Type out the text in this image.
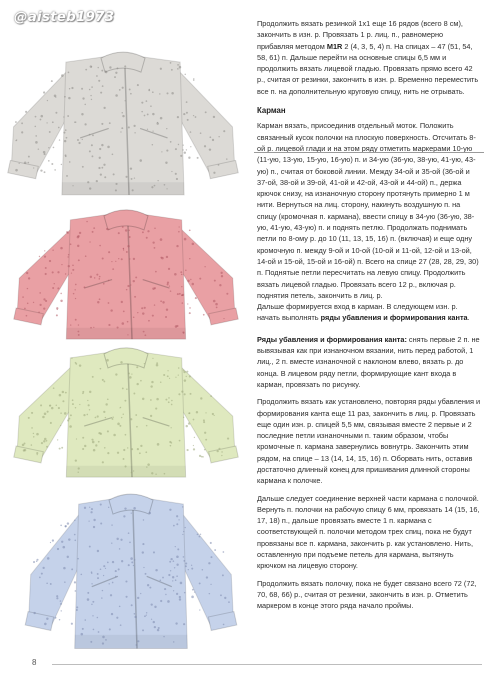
@aisteb1973	Продолжить вязать резинкой 1х1 еще 16 рядов (всего 8 см), закончить в изн. р. Провязать 1 р. лиц. п., равномерно прибавляя методом M1R 2 (4, 3, 5, 4) п. На спицах – 47 (51, 54, 58, 61) п. Дальше перейти на основные спицы 6,5 мм и продолжить вязать лицевой гладью. Провязать прямо всего 42 р., считая от резинки, закончить в изн. р. Временно переместить все п. на дополнительную круговую спицу, нить не отрывать.

Карман

Карман вязать, присоединив отдельный моток. Положить связанный кусок полочки на плоскую поверхность. Отсчитать 8-ой р. лицевой глади и на этом ряду отметить маркерами 10-ую (11-ую, 13-ую, 15-ую, 16-ую) п. и 34-ую (36-ую, 38-ую, 41-ую, 43-ую) п., считая от боковой линии. Между 34-ой и 35-ой (36-ой и 37-ой, 38-ой и 39-ой, 41-ой и 42-ой, 43-ой и 44-ой) п., держа крючок снизу, на изнаночную сторону протянуть примерно 1 м нити. Вернуться на лиц. сторону, накинуть воздушную п. на спицу (кромочная п. кармана), ввести спицу в 34-ую (36-ую, 38-ую, 41-ую, 43-ую) п. и поднять петлю. Продолжать поднимать петли по 8-ому р. до 10 (11, 13, 15, 16) п. (включая) и еще одну кромочную п. между 9-ой и 10-ой (10-ой и 11-ой, 12-ой и 13-ой, 14-ой и 15-ой, 15-ой и 16-ой) п. Всего на спице 27 (28, 28, 29, 30) п. Поднятые петли пересчитать на левую спицу. Продолжить вязать лицевой гладью. Провязать всего 12 р., включая р. поднятия петель, закончить в лиц. р.

Дальше формируется вход в карман. В следующем изн. р. начать выполнять ряды убавления и формирования канта.

Ряды убавления и формирования канта: снять первые 2 п. не вывязывая как при изнаночном вязании, нить перед работой, 1 лиц., 2 п. вместе изнаночной с наклоном влево, вязать р. до конца. В лицевом ряду петли, формирующие кант входа в карман, провязать по рисунку.

Продолжить вязать как установлено, повторяя ряды убавления и формирования канта еще 11 раз, закончить в лиц. р. Провязать еще один изн. р. спицей 5,5 мм, связывая вместе 2 первые и 2 последние петли изнаночными п. таким образом, чтобы кромочные п. кармана завернулись вовнутрь. Закончить этим рядом, на спице – 13 (14, 14, 15, 16) п. Оборвать нить, оставив достаточно длинный конец для пришивания длинной стороны кармана к полочке.

Дальше следует соединение верхней части кармана с полочкой. Вернуть п. полочки на рабочую спицу 6 мм, провязать 14 (15, 16, 17, 18) п., дальше провязать вместе 1 п. кармана с соответствующей п. полочки методом трех спиц, пока не будут провязаны все п. кармана, закончить р. как установлено. Нить, оставленную при подъеме петель для кармана, вытянуть крючком на лицевую сторону.

Продолжить вязать полочку, пока не будет связано всего 72 (72, 70, 68, 66) р., считая от резинки, закончить в изн. р. Отметить маркером в конце этого ряда начало проймы.

8
